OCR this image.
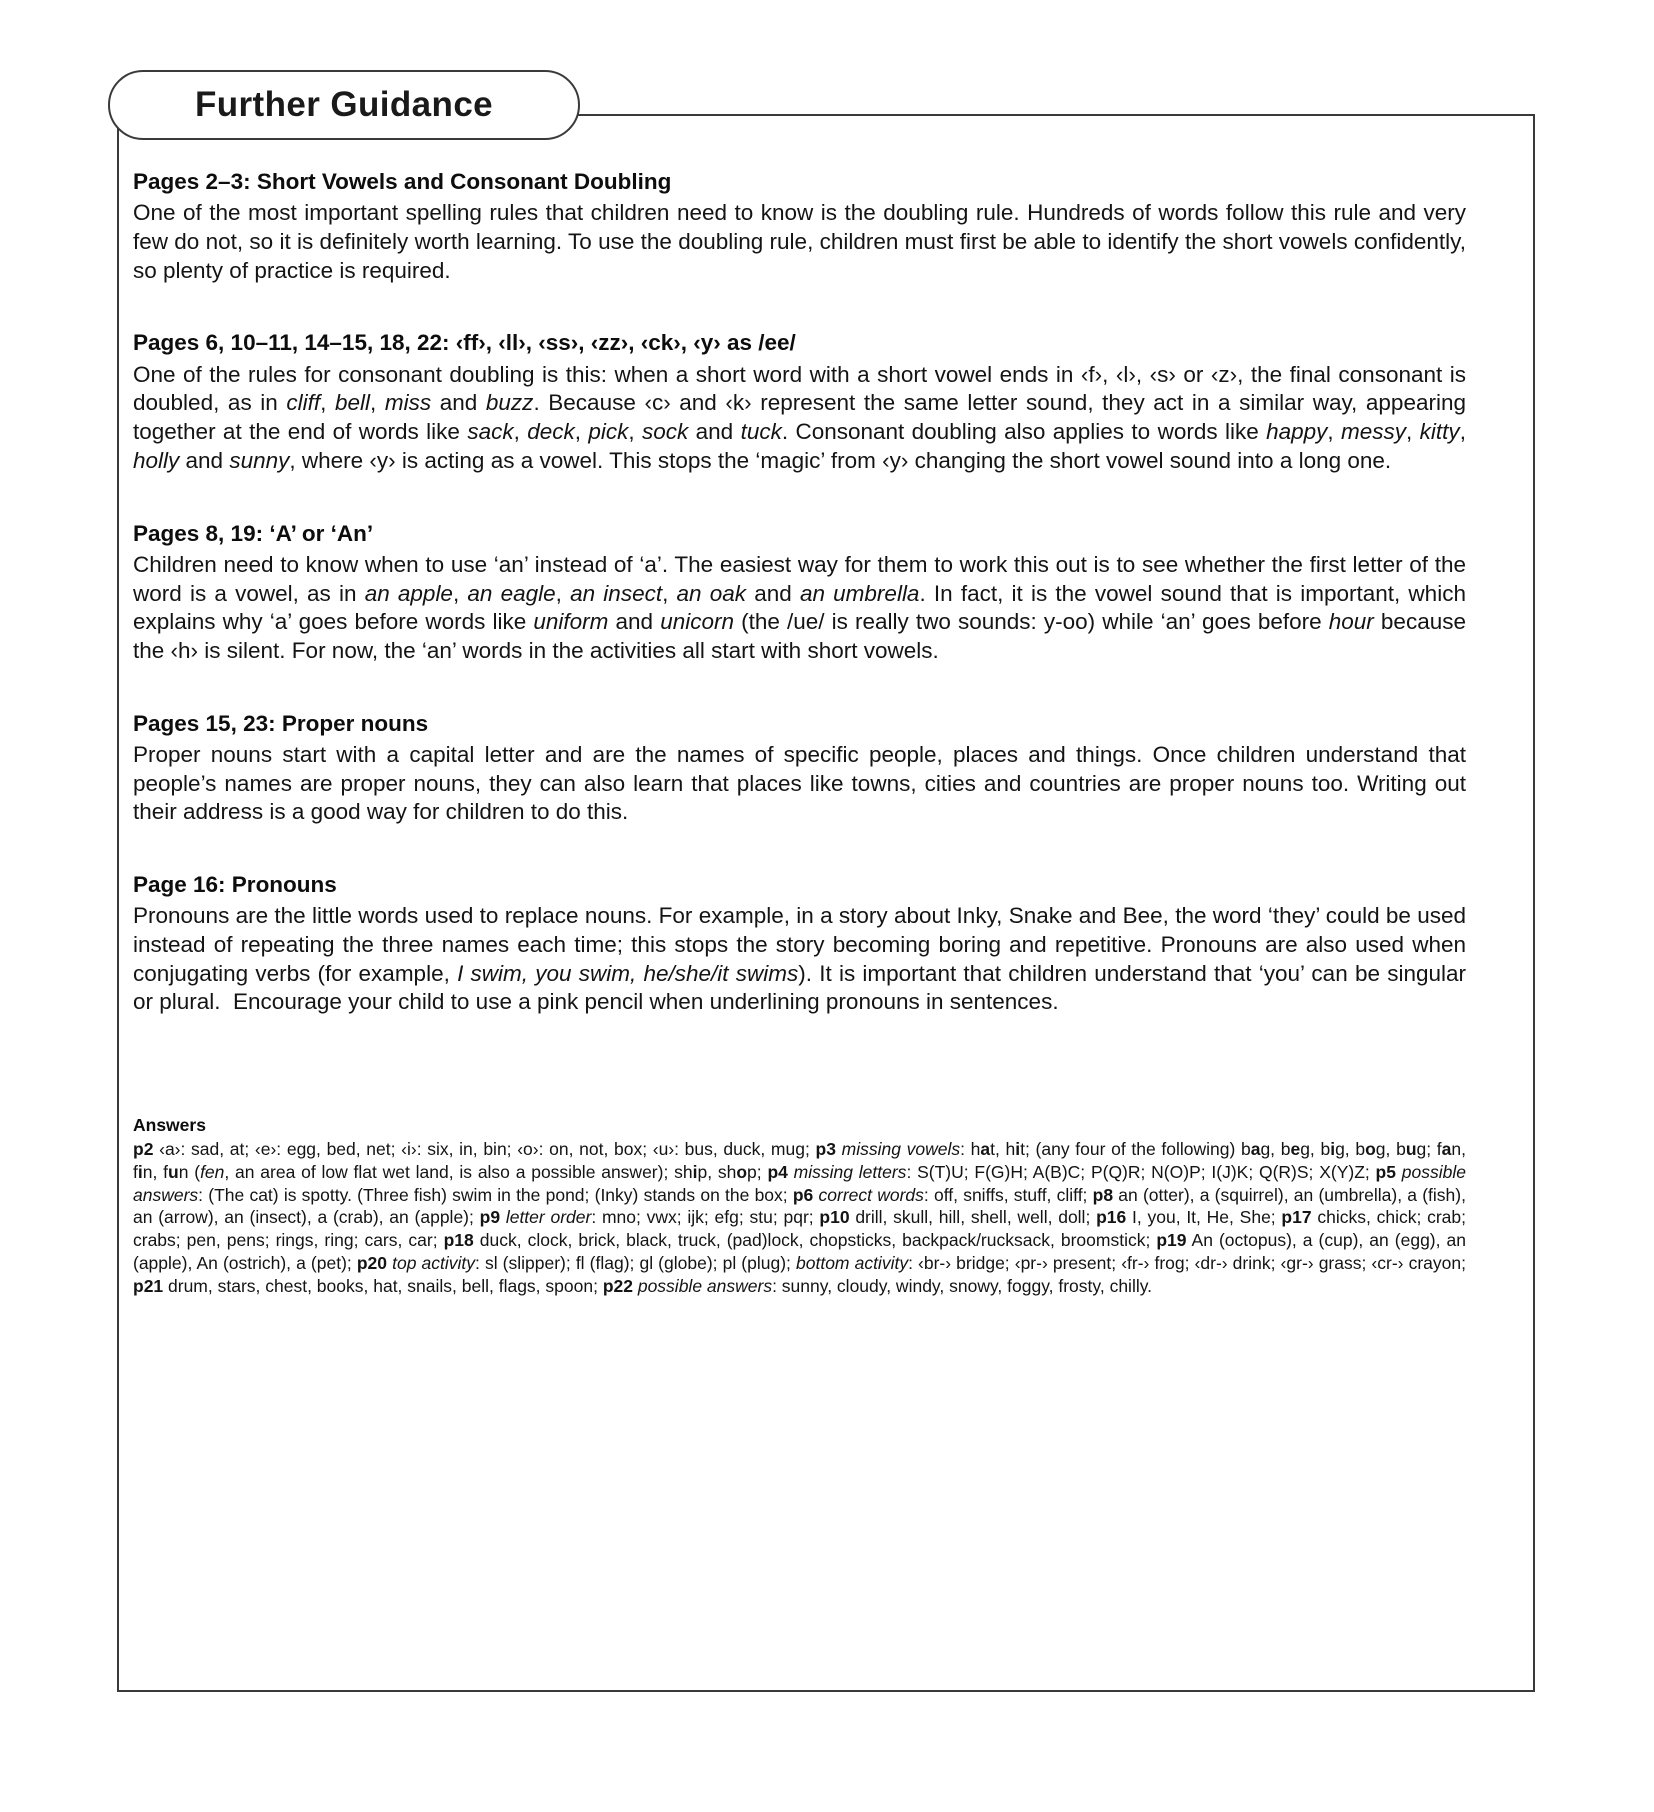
Further Guidance

Pages 2–3: Short Vowels and Consonant Doubling

One of the most important spelling rules that children need to know is the doubling rule. Hundreds of words follow this rule and very few do not, so it is definitely worth learning. To use the doubling rule, children must first be able to identify the short vowels confidently, so plenty of practice is required.

Pages 6, 10–11, 14–15, 18, 22: ‹ff›, ‹ll›, ‹ss›, ‹zz›, ‹ck›, ‹y› as /ee/

One of the rules for consonant doubling is this: when a short word with a short vowel ends in ‹f›, ‹l›, ‹s› or ‹z›, the final consonant is doubled, as in cliff, bell, miss and buzz. Because ‹c› and ‹k› represent the same letter sound, they act in a similar way, appearing together at the end of words like sack, deck, pick, sock and tuck. Consonant doubling also applies to words like happy, messy, kitty, holly and sunny, where ‹y› is acting as a vowel. This stops the ‘magic’ from ‹y› changing the short vowel sound into a long one.

Pages 8, 19: ‘A’ or ‘An’

Children need to know when to use ‘an’ instead of ‘a’. The easiest way for them to work this out is to see whether the first letter of the word is a vowel, as in an apple, an eagle, an insect, an oak and an umbrella. In fact, it is the vowel sound that is important, which explains why ‘a’ goes before words like uniform and unicorn (the /ue/ is really two sounds: y-oo) while ‘an’ goes before hour because the ‹h› is silent. For now, the ‘an’ words in the activities all start with short vowels.

Pages 15, 23: Proper nouns

Proper nouns start with a capital letter and are the names of specific people, places and things. Once children understand that people’s names are proper nouns, they can also learn that places like towns, cities and countries are proper nouns too. Writing out their address is a good way for children to do this.

Page 16: Pronouns

Pronouns are the little words used to replace nouns. For example, in a story about Inky, Snake and Bee, the word ‘they’ could be used instead of repeating the three names each time; this stops the story becoming boring and repetitive. Pronouns are also used when conjugating verbs (for example, I swim, you swim, he/she/it swims). It is important that children understand that ‘you’ can be singular or plural.  Encourage your child to use a pink pencil when underlining pronouns in sentences.

Answers

p2 ‹a›: sad, at; ‹e›: egg, bed, net; ‹i›: six, in, bin; ‹o›: on, not, box; ‹u›: bus, duck, mug; p3 missing vowels: hat, hit; (any four of the following) bag, beg, big, bog, bug; fan, fin, fun (fen, an area of low flat wet land, is also a possible answer); ship, shop; p4 missing letters: S(T)U; F(G)H; A(B)C; P(Q)R; N(O)P; I(J)K; Q(R)S; X(Y)Z; p5 possible answers: (The cat) is spotty. (Three fish) swim in the pond; (Inky) stands on the box; p6 correct words: off, sniffs, stuff, cliff; p8 an (otter), a (squirrel), an (umbrella), a (fish), an (arrow), an (insect), a (crab), an (apple); p9 letter order: mno; vwx; ijk; efg; stu; pqr; p10 drill, skull, hill, shell, well, doll; p16 I, you, It, He, She; p17 chicks, chick; crab; crabs; pen, pens; rings, ring; cars, car; p18 duck, clock, brick, black, truck, (pad)lock, chopsticks, backpack/rucksack, broomstick; p19 An (octopus), a (cup), an (egg), an (apple), An (ostrich), a (pet); p20 top activity: sl (slipper); fl (flag); gl (globe); pl (plug); bottom activity: ‹br-› bridge; ‹pr-› present; ‹fr-› frog; ‹dr-› drink; ‹gr-› grass; ‹cr-› crayon; p21 drum, stars, chest, books, hat, snails, bell, flags, spoon; p22 possible answers: sunny, cloudy, windy, snowy, foggy, frosty, chilly.
